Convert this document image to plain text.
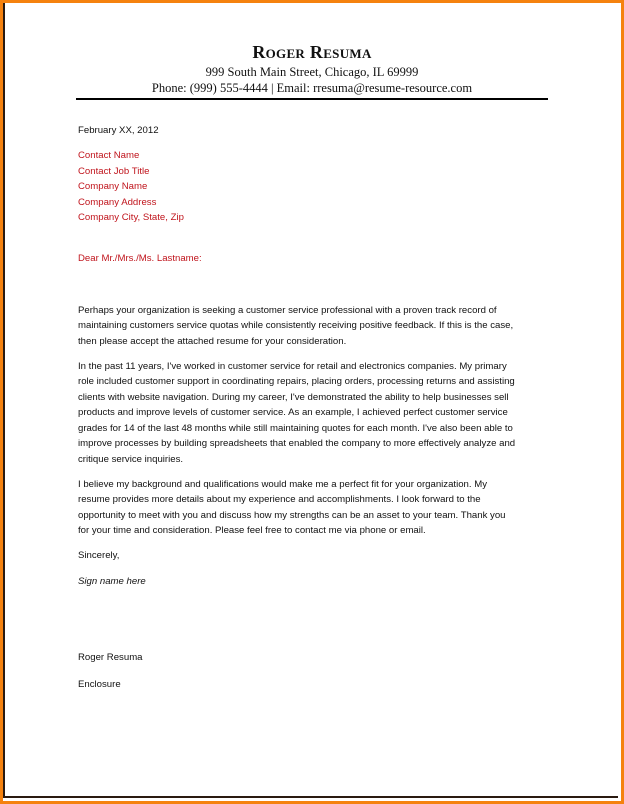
Roger Resuma
999 South Main Street, Chicago, IL 69999
Phone: (999) 555-4444 | Email: rresuma@resume-resource.com
February XX, 2012
Contact Name
Contact Job Title
Company Name
Company Address
Company City, State, Zip
Dear Mr./Mrs./Ms. Lastname:
Perhaps your organization is seeking a customer service professional with a proven track record of
maintaining customers service quotas while consistently receiving positive feedback. If this is the case,
then please accept the attached resume for your consideration.
In the past 11 years, I've worked in customer service for retail and electronics companies. My primary
role included customer support in coordinating repairs, placing orders, processing returns and assisting
clients with website navigation. During my career, I've demonstrated the ability to help businesses sell
products and improve levels of customer service. As an example, I achieved perfect customer service
grades for 14 of the last 48 months while still maintaining quotes for each month. I've also been able to
improve processes by building spreadsheets that enabled the company to more effectively analyze and
critique service inquiries.
I believe my background and qualifications would make me a perfect fit for your organization. My
resume provides more details about my experience and accomplishments. I look forward to the
opportunity to meet with you and discuss how my strengths can be an asset to your team. Thank you
for your time and consideration. Please feel free to contact me via phone or email.
Sincerely,
Sign name here
Roger Resuma
Enclosure
